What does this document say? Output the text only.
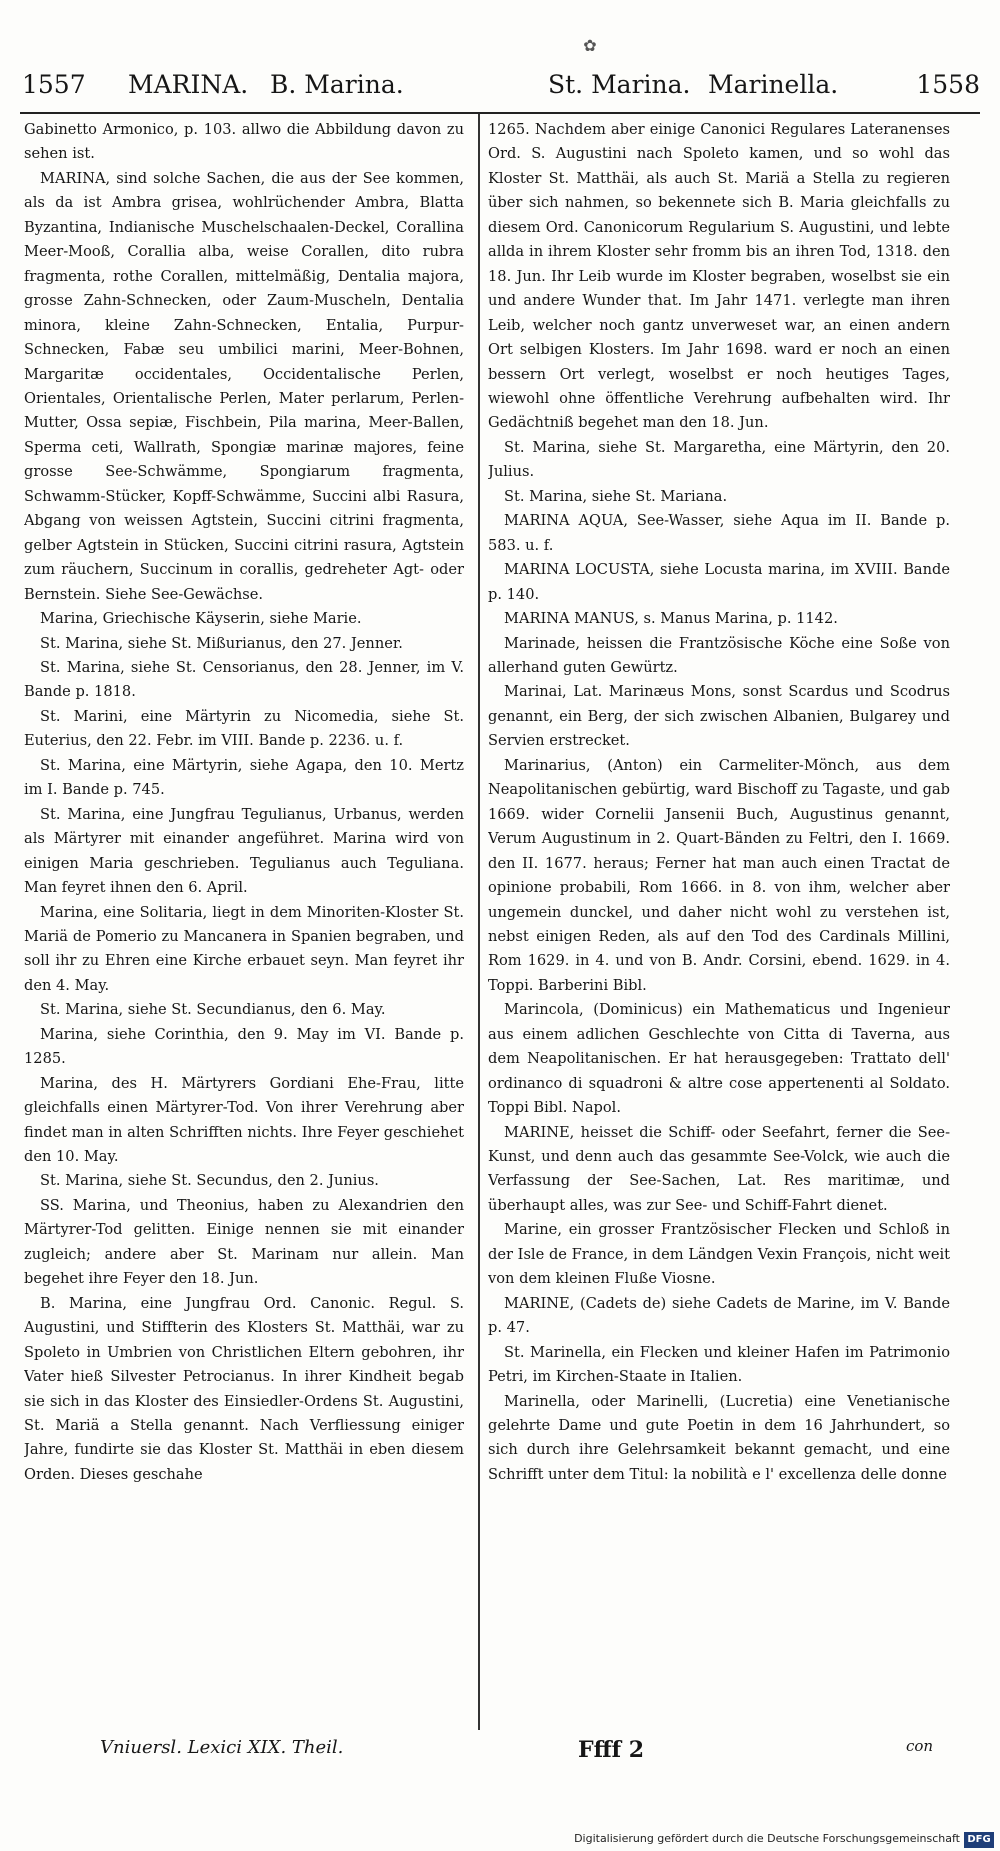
✿
1557 MARINA. B. Marina.	St. Marina. Marinella.	1558

Gabinetto Armonico, p. 103. allwo die Abbildung davon zu sehen ist.

MARINA, sind solche Sachen, die aus der See kommen, als da ist Ambra grisea, wohlrüchender Ambra, Blatta Byzantina, Indianische Muschelschaalen-Deckel, Corallina Meer-Mooß, Corallia alba, weise Corallen, dito rubra fragmenta, rothe Corallen, mittelmäßig, Dentalia majora, grosse Zahn-Schnecken, oder Zaum-Muscheln, Dentalia minora, kleine Zahn-Schnecken, Entalia, Purpur-Schnecken, Fabæ seu umbilici marini, Meer-Bohnen, Margaritæ occidentales, Occidentalische Perlen, Orientales, Orientalische Perlen, Mater perlarum, Perlen-Mutter, Ossa sepiæ, Fischbein, Pila marina, Meer-Ballen, Sperma ceti, Wallrath, Spongiæ marinæ majores, feine grosse See-Schwämme, Spongiarum fragmenta, Schwamm-Stücker, Kopff-Schwämme, Succini albi Rasura, Abgang von weissen Agtstein, Succini citrini fragmenta, gelber Agtstein in Stücken, Succini citrini rasura, Agtstein zum räuchern, Succinum in corallis, gedreheter Agt- oder Bernstein. Siehe See-Gewächse.

Marina, Griechische Käyserin, siehe Marie.

St. Marina, siehe St. Mißurianus, den 27. Jenner.

St. Marina, siehe St. Censorianus, den 28. Jenner, im V. Bande p. 1818.

St. Marini, eine Märtyrin zu Nicomedia, siehe St. Euterius, den 22. Febr. im VIII. Bande p. 2236. u. f.

St. Marina, eine Märtyrin, siehe Agapa, den 10. Mertz im I. Bande p. 745.

St. Marina, eine Jungfrau Tegulianus, Urbanus, werden als Märtyrer mit einander angeführet. Marina wird von einigen Maria geschrieben. Tegulianus auch Teguliana. Man feyret ihnen den 6. April.

Marina, eine Solitaria, liegt in dem Minoriten-Kloster St. Mariä de Pomerio zu Mancanera in Spanien begraben, und soll ihr zu Ehren eine Kirche erbauet seyn. Man feyret ihr den 4. May.

St. Marina, siehe St. Secundianus, den 6. May.

Marina, siehe Corinthia, den 9. May im VI. Bande p. 1285.

Marina, des H. Märtyrers Gordiani Ehe-Frau, litte gleichfalls einen Märtyrer-Tod. Von ihrer Verehrung aber findet man in alten Schrifften nichts. Ihre Feyer geschiehet den 10. May.

St. Marina, siehe St. Secundus, den 2. Junius.

SS. Marina, und Theonius, haben zu Alexandrien den Märtyrer-Tod gelitten. Einige nennen sie mit einander zugleich; andere aber St. Marinam nur allein. Man begehet ihre Feyer den 18. Jun.

B. Marina, eine Jungfrau Ord. Canonic. Regul. S. Augustini, und Stiffterin des Klosters St. Matthäi, war zu Spoleto in Umbrien von Christlichen Eltern gebohren, ihr Vater hieß Silvester Petrocianus. In ihrer Kindheit begab sie sich in das Kloster des Einsiedler-Ordens St. Augustini, St. Mariä a Stella genannt. Nach Verfliessung einiger Jahre, fundirte sie das Kloster St. Matthäi in eben diesem Orden. Dieses geschahe

1265. Nachdem aber einige Canonici Regulares Lateranenses Ord. S. Augustini nach Spoleto kamen, und so wohl das Kloster St. Matthäi, als auch St. Mariä a Stella zu regieren über sich nahmen, so bekennete sich B. Maria gleichfalls zu diesem Ord. Canonicorum Regularium S. Augustini, und lebte allda in ihrem Kloster sehr fromm bis an ihren Tod, 1318. den 18. Jun. Ihr Leib wurde im Kloster begraben, woselbst sie ein und andere Wunder that. Im Jahr 1471. verlegte man ihren Leib, welcher noch gantz unverweset war, an einen andern Ort selbigen Klosters. Im Jahr 1698. ward er noch an einen bessern Ort verlegt, woselbst er noch heutiges Tages, wiewohl ohne öffentliche Verehrung aufbehalten wird. Ihr Gedächtniß begehet man den 18. Jun.

St. Marina, siehe St. Margaretha, eine Märtyrin, den 20. Julius.

St. Marina, siehe St. Mariana.

MARINA AQUA, See-Wasser, siehe Aqua im II. Bande p. 583. u. f.

MARINA LOCUSTA, siehe Locusta marina, im XVIII. Bande p. 140.

MARINA MANUS, s. Manus Marina, p. 1142.

Marinade, heissen die Frantzösische Köche eine Soße von allerhand guten Gewürtz.

Marinai, Lat. Marinæus Mons, sonst Scardus und Scodrus genannt, ein Berg, der sich zwischen Albanien, Bulgarey und Servien erstrecket.

Marinarius, (Anton) ein Carmeliter-Mönch, aus dem Neapolitanischen gebürtig, ward Bischoff zu Tagaste, und gab 1669. wider Cornelii Jansenii Buch, Augustinus genannt, Verum Augustinum in 2. Quart-Bänden zu Feltri, den I. 1669. den II. 1677. heraus; Ferner hat man auch einen Tractat de opinione probabili, Rom 1666. in 8. von ihm, welcher aber ungemein dunckel, und daher nicht wohl zu verstehen ist, nebst einigen Reden, als auf den Tod des Cardinals Millini, Rom 1629. in 4. und von B. Andr. Corsini, ebend. 1629. in 4. Toppi. Barberini Bibl.

Marincola, (Dominicus) ein Mathematicus und Ingenieur aus einem adlichen Geschlechte von Citta di Taverna, aus dem Neapolitanischen. Er hat herausgegeben: Trattato dell' ordinanco di squadroni & altre cose appertenenti al Soldato. Toppi Bibl. Napol.

MARINE, heisset die Schiff- oder Seefahrt, ferner die See-Kunst, und denn auch das gesammte See-Volck, wie auch die Verfassung der See-Sachen, Lat. Res maritimæ, und überhaupt alles, was zur See- und Schiff-Fahrt dienet.

Marine, ein grosser Frantzösischer Flecken und Schloß in der Isle de France, in dem Ländgen Vexin François, nicht weit von dem kleinen Fluße Viosne.

MARINE, (Cadets de) siehe Cadets de Marine, im V. Bande p. 47.

St. Marinella, ein Flecken und kleiner Hafen im Patrimonio Petri, im Kirchen-Staate in Italien.

Marinella, oder Marinelli, (Lucretia) eine Venetianische gelehrte Dame und gute Poetin in dem 16 Jahrhundert, so sich durch ihre Gelehrsamkeit bekannt gemacht, und eine Schrifft unter dem Titul: la nobilità e l' excellenza delle donne

Vniuersl. Lexici XIX. Theil.	Ffff 2	con
Digitalisierung gefördert durch die Deutsche Forschungsgemeinschaft DFG
